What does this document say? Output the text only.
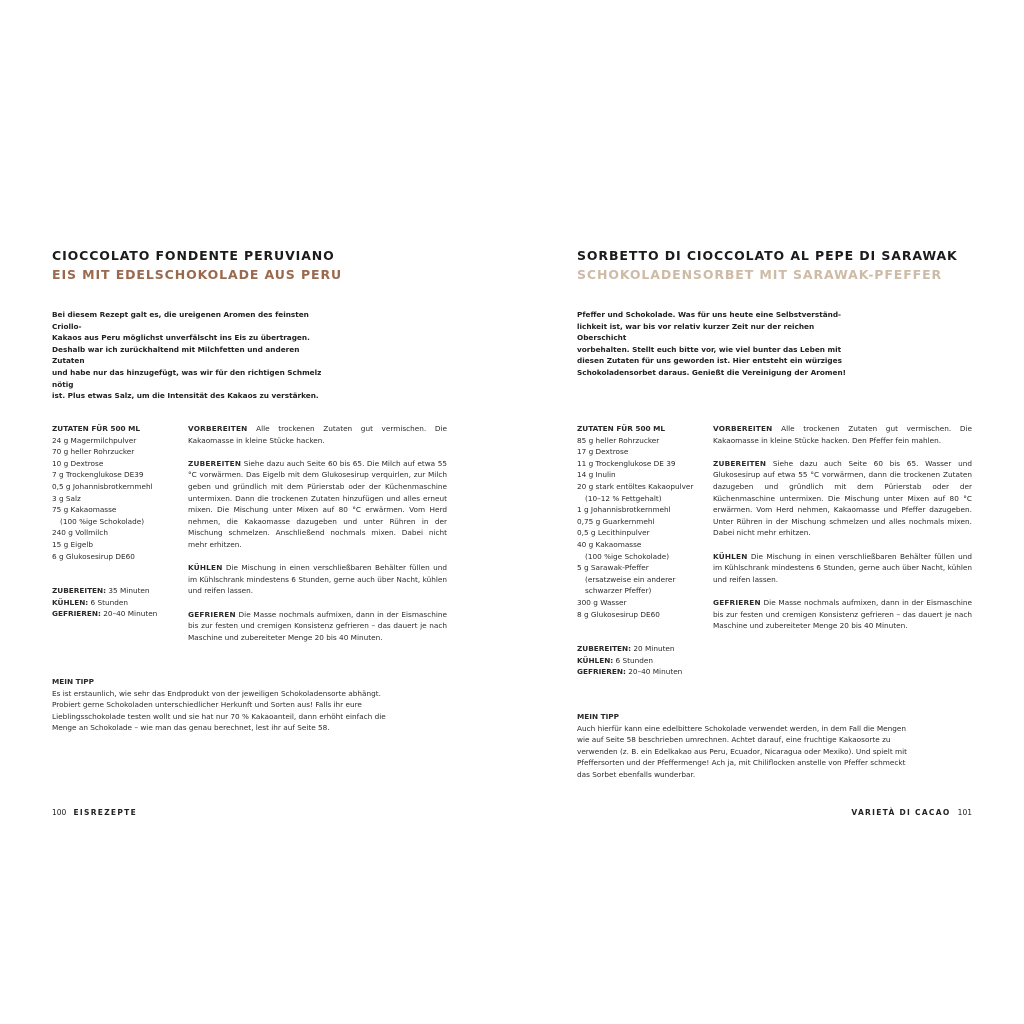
CIOCCOLATO FONDENTE PERUVIANO
EIS MIT EDELSCHOKOLADE AUS PERU

Bei diesem Rezept galt es, die ureigenen Aromen des feinsten Criollo-

Kakaos aus Peru möglichst unverfälscht ins Eis zu übertragen.

Deshalb war ich zurückhaltend mit Milchfetten und anderen Zutaten

und habe nur das hinzugefügt, was wir für den richtigen Schmelz nötig

ist. Plus etwas Salz, um die Intensität des Kakaos zu verstärken.

ZUTATEN FÜR 500 ML
24 g Magermilchpulver
70 g heller Rohrzucker
10 g Dextrose
7 g Trockenglukose DE39
0,5 g Johannisbrotkernmehl
3 g Salz
75 g Kakaomasse
(100 %ige Schokolade)
240 g Vollmilch
15 g Eigelb
6 g Glukosesirup DE60
ZUBEREITEN: 35 Minuten
KÜHLEN: 6 Stunden
GEFRIEREN: 20–40 Minuten

VORBEREITEN Alle trockenen Zutaten gut vermischen. Die Kakaomasse in kleine Stücke hacken.

ZUBEREITEN Siehe dazu auch Seite 60 bis 65. Die Milch auf etwa 55 °C vorwärmen. Das Eigelb mit dem Glukosesirup verquirlen, zur Milch geben und gründlich mit dem Pürierstab oder der Küchenmaschine untermixen. Dann die trockenen Zutaten hinzufügen und alles erneut mixen. Die Mischung unter Mixen auf 80 °C erwärmen. Vom Herd nehmen, die Kakaomasse dazugeben und unter Rühren in der Mischung schmelzen. Anschließend nochmals mixen. Dabei nicht mehr erhitzen.

KÜHLEN Die Mischung in einen verschließbaren Behälter füllen und im Kühlschrank mindestens 6 Stunden, gerne auch über Nacht, kühlen und reifen lassen.

GEFRIEREN Die Masse nochmals aufmixen, dann in der Eismaschine bis zur festen und cremigen Konsistenz gefrieren – das dauert je nach Maschine und zubereiteter Menge 20 bis 40 Minuten.

MEIN TIPP

Es ist erstaunlich, wie sehr das Endprodukt von der jeweiligen Schokoladensorte abhängt.

Probiert gerne Schokoladen unterschiedlicher Herkunft und Sorten aus! Falls ihr eure

Lieblingsschokolade testen wollt und sie hat nur 70 % Kakaoanteil, dann erhöht einfach die

Menge an Schokolade – wie man das genau berechnet, lest ihr auf Seite 58.

100 EISREZEPTE
SORBETTO DI CIOCCOLATO AL PEPE DI SARAWAK
SCHOKOLADENSORBET MIT SARAWAK-PFEFFER

Pfeffer und Schokolade. Was für uns heute eine Selbstverständ-

lichkeit ist, war bis vor relativ kurzer Zeit nur der reichen Oberschicht

vorbehalten. Stellt euch bitte vor, wie viel bunter das Leben mit

diesen Zutaten für uns geworden ist. Hier entsteht ein würziges

Schokoladensorbet daraus. Genießt die Vereinigung der Aromen!

ZUTATEN FÜR 500 ML
85 g heller Rohrzucker
17 g Dextrose
11 g Trockenglukose DE 39
14 g Inulin
20 g stark entöltes Kakaopulver
(10–12 % Fettgehalt)
1 g Johannisbrotkernmehl
0,75 g Guarkernmehl
0,5 g Lecithinpulver
40 g Kakaomasse
(100 %ige Schokolade)
5 g Sarawak-Pfeffer
(ersatzweise ein anderer
schwarzer Pfeffer)
300 g Wasser
8 g Glukosesirup DE60
ZUBEREITEN: 20 Minuten
KÜHLEN: 6 Stunden
GEFRIEREN: 20–40 Minuten

VORBEREITEN Alle trockenen Zutaten gut vermischen. Die Kakaomasse in kleine Stücke hacken. Den Pfeffer fein mahlen.

ZUBEREITEN Siehe dazu auch Seite 60 bis 65. Wasser und Glukosesirup auf etwa 55 °C vorwärmen, dann die trockenen Zutaten dazugeben und gründlich mit dem Pürierstab oder der Küchenmaschine untermixen. Die Mischung unter Mixen auf 80 °C erwärmen. Vom Herd nehmen, Kakaomasse und Pfeffer dazugeben. Unter Rühren in der Mischung schmelzen und alles nochmals mixen. Dabei nicht mehr erhitzen.

KÜHLEN Die Mischung in einen verschließbaren Behälter füllen und im Kühlschrank mindestens 6 Stunden, gerne auch über Nacht, kühlen und reifen lassen.

GEFRIEREN Die Masse nochmals aufmixen, dann in der Eismaschine bis zur festen und cremigen Konsistenz gefrieren – das dauert je nach Maschine und zubereiteter Menge 20 bis 40 Minuten.

MEIN TIPP

Auch hierfür kann eine edelbittere Schokolade verwendet werden, in dem Fall die Mengen

wie auf Seite 58 beschrieben umrechnen. Achtet darauf, eine fruchtige Kakaosorte zu

verwenden (z. B. ein Edelkakao aus Peru, Ecuador, Nicaragua oder Mexiko). Und spielt mit

Pfeffersorten und der Pfeffermenge! Ach ja, mit Chiliflocken anstelle von Pfeffer schmeckt

das Sorbet ebenfalls wunderbar.

VARIETÀ DI CACAO 101
